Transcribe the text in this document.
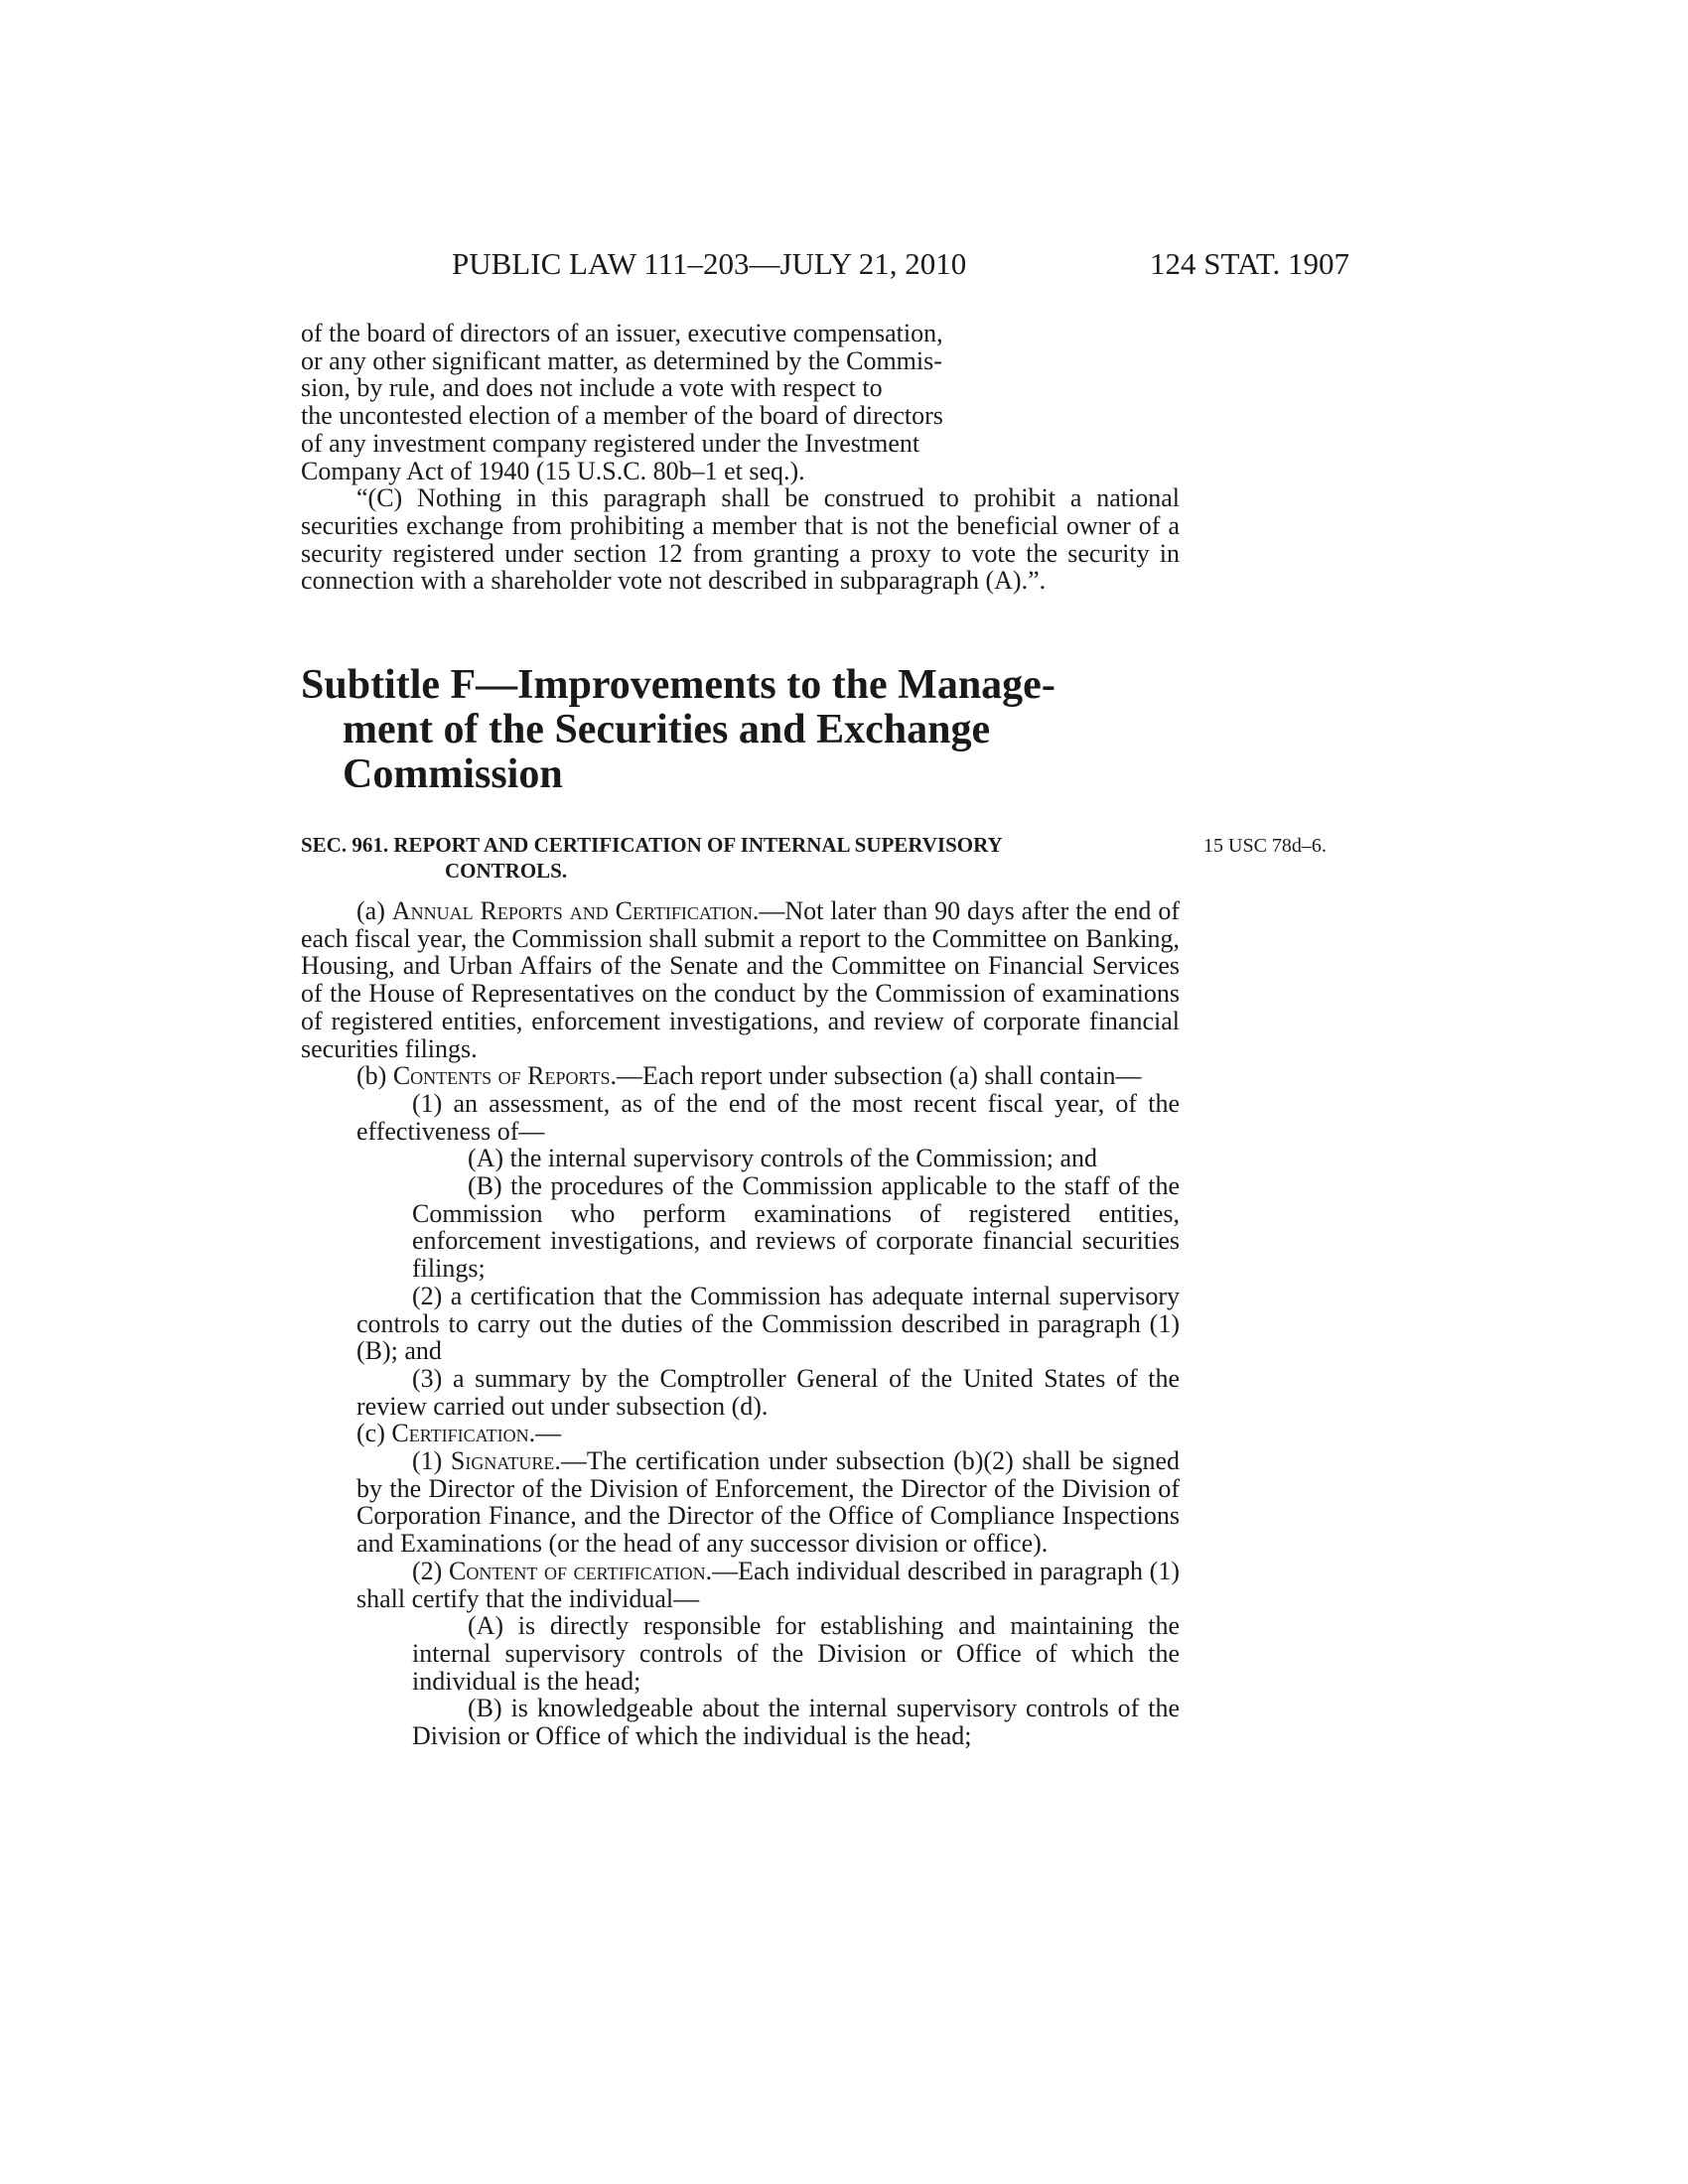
PUBLIC LAW 111–203—JULY 21, 2010	124 STAT. 1907

of the board of directors of an issuer, executive compensation,

or any other significant matter, as determined by the Commis-

sion, by rule, and does not include a vote with respect to

the uncontested election of a member of the board of directors

of any investment company registered under the Investment

Company Act of 1940 (15 U.S.C. 80b–1 et seq.).

“(C) Nothing in this paragraph shall be construed to prohibit a national securities exchange from prohibiting a member that is not the beneficial owner of a security registered under section 12 from granting a proxy to vote the security in connection with a shareholder vote not described in subparagraph (A).”.

Subtitle F—Improvements to the Manage-
ment of the Securities and Exchange
Commission
SEC. 961. REPORT AND CERTIFICATION OF INTERNAL SUPERVISORY
CONTROLS.
15 USC 78d–6.

(a) Annual Reports and Certification.—Not later than 90 days after the end of each fiscal year, the Commission shall submit a report to the Committee on Banking, Housing, and Urban Affairs of the Senate and the Committee on Financial Services of the House of Representatives on the conduct by the Commission of examinations of registered entities, enforcement investigations, and review of corporate financial securities filings.

(b) Contents of Reports.—Each report under subsection (a) shall contain—

(1) an assessment, as of the end of the most recent fiscal year, of the effectiveness of—

(A) the internal supervisory controls of the Commission; and

(B) the procedures of the Commission applicable to the staff of the Commission who perform examinations of registered entities, enforcement investigations, and reviews of corporate financial securities filings;

(2) a certification that the Commission has adequate internal supervisory controls to carry out the duties of the Commission described in paragraph (1)(B); and

(3) a summary by the Comptroller General of the United States of the review carried out under subsection (d).

(c) Certification.—

(1) Signature.—The certification under subsection (b)(2) shall be signed by the Director of the Division of Enforcement, the Director of the Division of Corporation Finance, and the Director of the Office of Compliance Inspections and Examinations (or the head of any successor division or office).

(2) Content of certification.—Each individual described in paragraph (1) shall certify that the individual—

(A) is directly responsible for establishing and maintaining the internal supervisory controls of the Division or Office of which the individual is the head;

(B) is knowledgeable about the internal supervisory controls of the Division or Office of which the individual is the head;
